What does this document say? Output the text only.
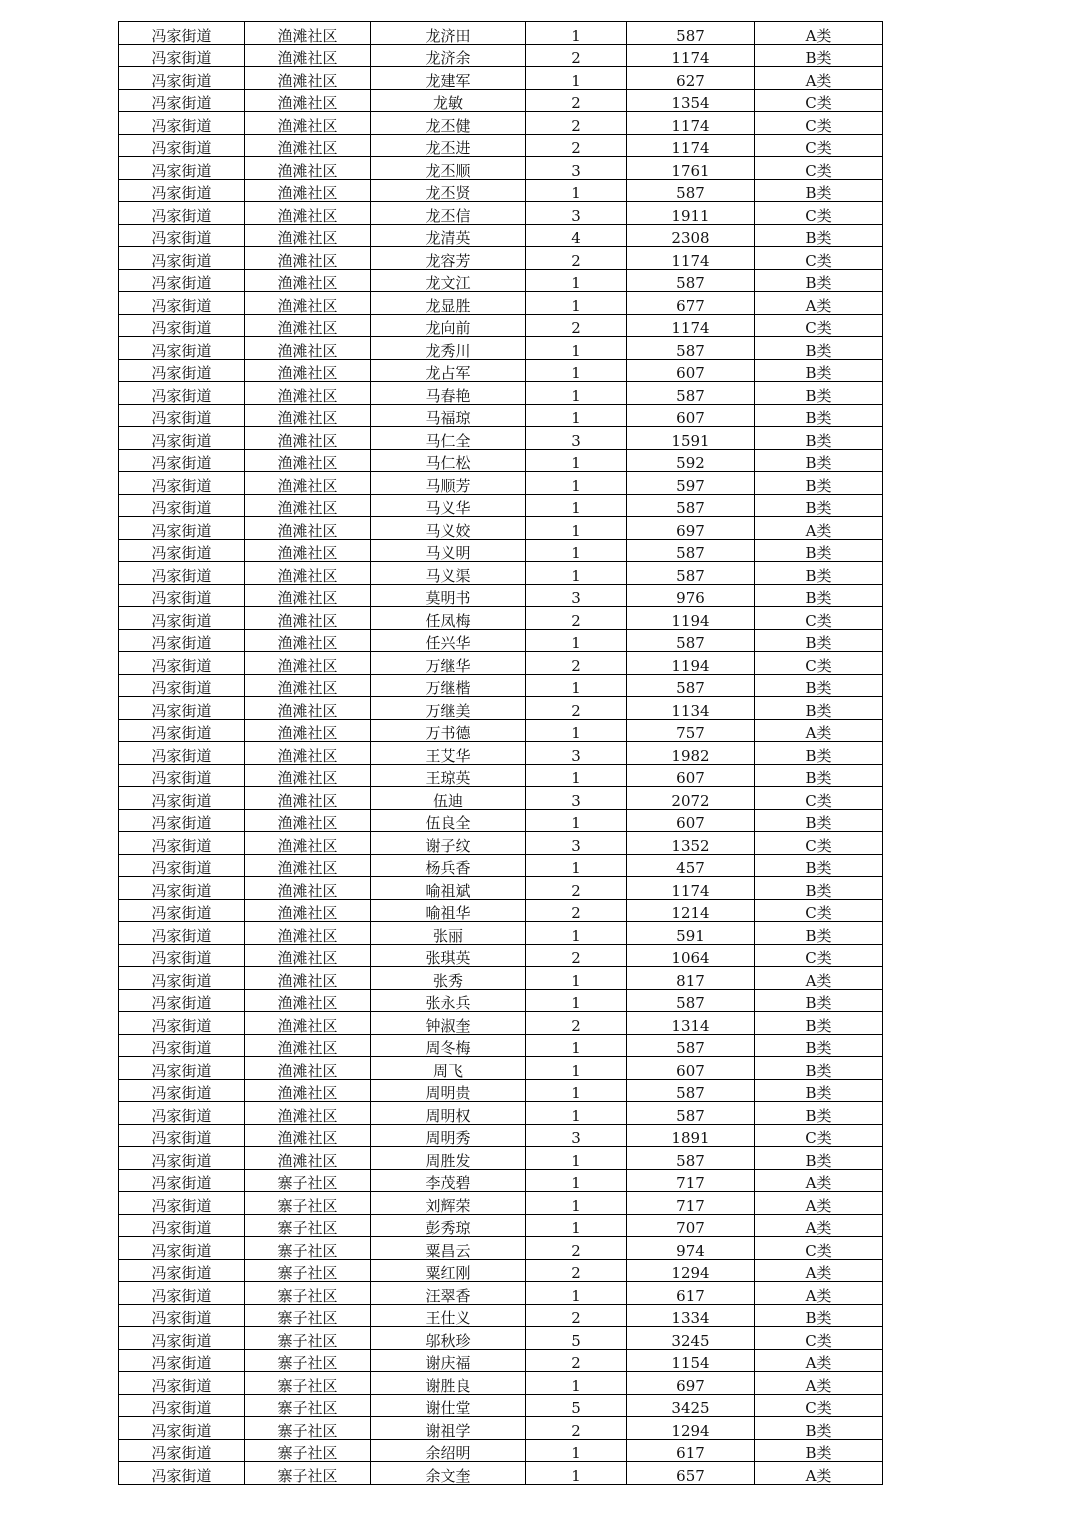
冯家街道	渔滩社区	龙济田	1	587	A类
冯家街道	渔滩社区	龙济余	2	1174	B类
冯家街道	渔滩社区	龙建军	1	627	A类
冯家街道	渔滩社区	龙敏	2	1354	C类
冯家街道	渔滩社区	龙丕健	2	1174	C类
冯家街道	渔滩社区	龙丕进	2	1174	C类
冯家街道	渔滩社区	龙丕顺	3	1761	C类
冯家街道	渔滩社区	龙丕贤	1	587	B类
冯家街道	渔滩社区	龙丕信	3	1911	C类
冯家街道	渔滩社区	龙清英	4	2308	B类
冯家街道	渔滩社区	龙容芳	2	1174	C类
冯家街道	渔滩社区	龙文江	1	587	B类
冯家街道	渔滩社区	龙显胜	1	677	A类
冯家街道	渔滩社区	龙向前	2	1174	C类
冯家街道	渔滩社区	龙秀川	1	587	B类
冯家街道	渔滩社区	龙占军	1	607	B类
冯家街道	渔滩社区	马春艳	1	587	B类
冯家街道	渔滩社区	马福琼	1	607	B类
冯家街道	渔滩社区	马仁全	3	1591	B类
冯家街道	渔滩社区	马仁松	1	592	B类
冯家街道	渔滩社区	马顺芳	1	597	B类
冯家街道	渔滩社区	马义华	1	587	B类
冯家街道	渔滩社区	马义姣	1	697	A类
冯家街道	渔滩社区	马义明	1	587	B类
冯家街道	渔滩社区	马义渠	1	587	B类
冯家街道	渔滩社区	莫明书	3	976	B类
冯家街道	渔滩社区	任凤梅	2	1194	C类
冯家街道	渔滩社区	任兴华	1	587	B类
冯家街道	渔滩社区	万继华	2	1194	C类
冯家街道	渔滩社区	万继楷	1	587	B类
冯家街道	渔滩社区	万继美	2	1134	B类
冯家街道	渔滩社区	万书德	1	757	A类
冯家街道	渔滩社区	王艾华	3	1982	B类
冯家街道	渔滩社区	王琼英	1	607	B类
冯家街道	渔滩社区	伍迪	3	2072	C类
冯家街道	渔滩社区	伍良全	1	607	B类
冯家街道	渔滩社区	谢子纹	3	1352	C类
冯家街道	渔滩社区	杨兵香	1	457	B类
冯家街道	渔滩社区	喻祖斌	2	1174	B类
冯家街道	渔滩社区	喻祖华	2	1214	C类
冯家街道	渔滩社区	张丽	1	591	B类
冯家街道	渔滩社区	张琪英	2	1064	C类
冯家街道	渔滩社区	张秀	1	817	A类
冯家街道	渔滩社区	张永兵	1	587	B类
冯家街道	渔滩社区	钟淑奎	2	1314	B类
冯家街道	渔滩社区	周冬梅	1	587	B类
冯家街道	渔滩社区	周飞	1	607	B类
冯家街道	渔滩社区	周明贵	1	587	B类
冯家街道	渔滩社区	周明权	1	587	B类
冯家街道	渔滩社区	周明秀	3	1891	C类
冯家街道	渔滩社区	周胜发	1	587	B类
冯家街道	寨子社区	李茂碧	1	717	A类
冯家街道	寨子社区	刘辉荣	1	717	A类
冯家街道	寨子社区	彭秀琼	1	707	A类
冯家街道	寨子社区	粟昌云	2	974	C类
冯家街道	寨子社区	粟红刚	2	1294	A类
冯家街道	寨子社区	汪翠香	1	617	A类
冯家街道	寨子社区	王仕义	2	1334	B类
冯家街道	寨子社区	邬秋珍	5	3245	C类
冯家街道	寨子社区	谢庆福	2	1154	A类
冯家街道	寨子社区	谢胜良	1	697	A类
冯家街道	寨子社区	谢仕堂	5	3425	C类
冯家街道	寨子社区	谢祖学	2	1294	B类
冯家街道	寨子社区	余绍明	1	617	B类
冯家街道	寨子社区	余文奎	1	657	A类
